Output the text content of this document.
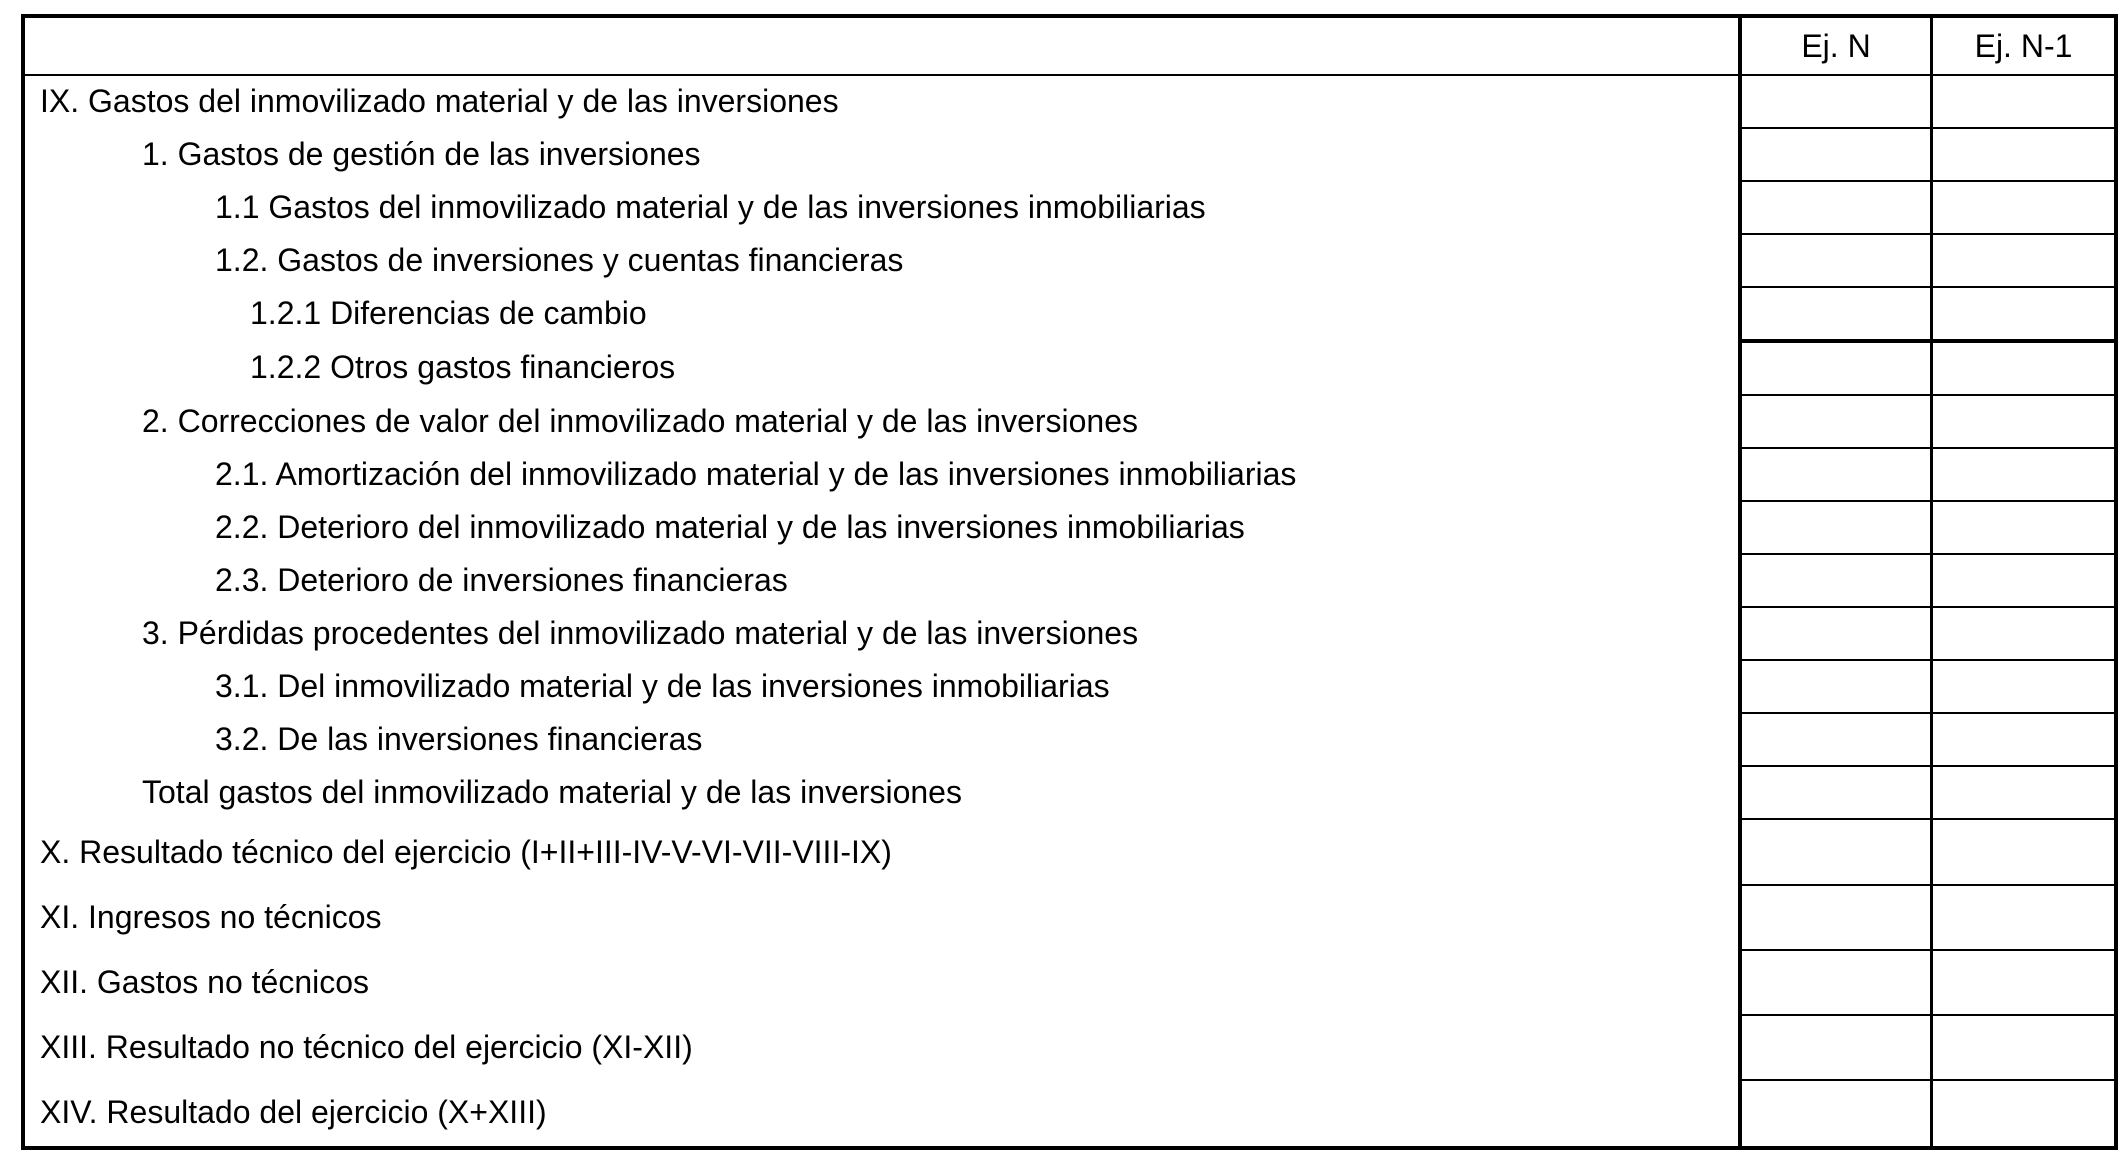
Ej. N	Ej. N-1
IX. Gastos del inmovilizado material y de las inversiones
1. Gastos de gestión de las inversiones
1.1 Gastos del inmovilizado material y de las inversiones inmobiliarias
1.2. Gastos de inversiones y cuentas financieras
1.2.1 Diferencias de cambio
1.2.2 Otros gastos financieros
2. Correcciones de valor del inmovilizado material y de las inversiones
2.1. Amortización del inmovilizado material y de las inversiones inmobiliarias
2.2. Deterioro del inmovilizado material y de las inversiones inmobiliarias
2.3. Deterioro de inversiones financieras
3. Pérdidas procedentes del inmovilizado material y de las inversiones
3.1. Del inmovilizado material y de las inversiones inmobiliarias
3.2. De las inversiones financieras
Total gastos del inmovilizado material y de las inversiones
X. Resultado técnico del ejercicio (I+II+III-IV-V-VI-VII-VIII-IX)
XI. Ingresos no técnicos
XII. Gastos no técnicos
XIII. Resultado no técnico del ejercicio (XI-XII)
XIV. Resultado del ejercicio (X+XIII)
